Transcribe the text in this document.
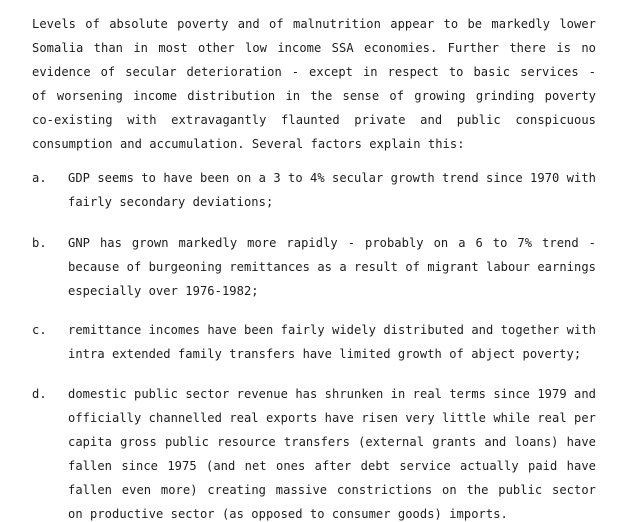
Levels of absolute poverty and of malnutrition appear to be markedly lower
Somalia than in most other low income SSA economies. Further there is no
evidence of secular deterioration - except in respect to basic services -
of worsening income distribution in the sense of growing grinding poverty
co-existing with extravagantly flaunted private and public conspicuous
consumption and accumulation. Several factors explain this:
a. GDP seems to have been on a 3 to 4% secular growth trend since 1970 with
fairly secondary deviations;
b. GNP has grown markedly more rapidly - probably on a 6 to 7% trend -
because of burgeoning remittances as a result of migrant labour earnings
especially over 1976-1982;
c. remittance incomes have been fairly widely distributed and together with
intra extended family transfers have limited growth of abject poverty;
d. domestic public sector revenue has shrunken in real terms since 1979 and
officially channelled real exports have risen very little while real per
capita gross public resource transfers (external grants and loans) have
fallen since 1975 (and net ones after debt service actually paid have
fallen even more) creating massive constrictions on the public sector
on productive sector (as opposed to consumer goods) imports.
